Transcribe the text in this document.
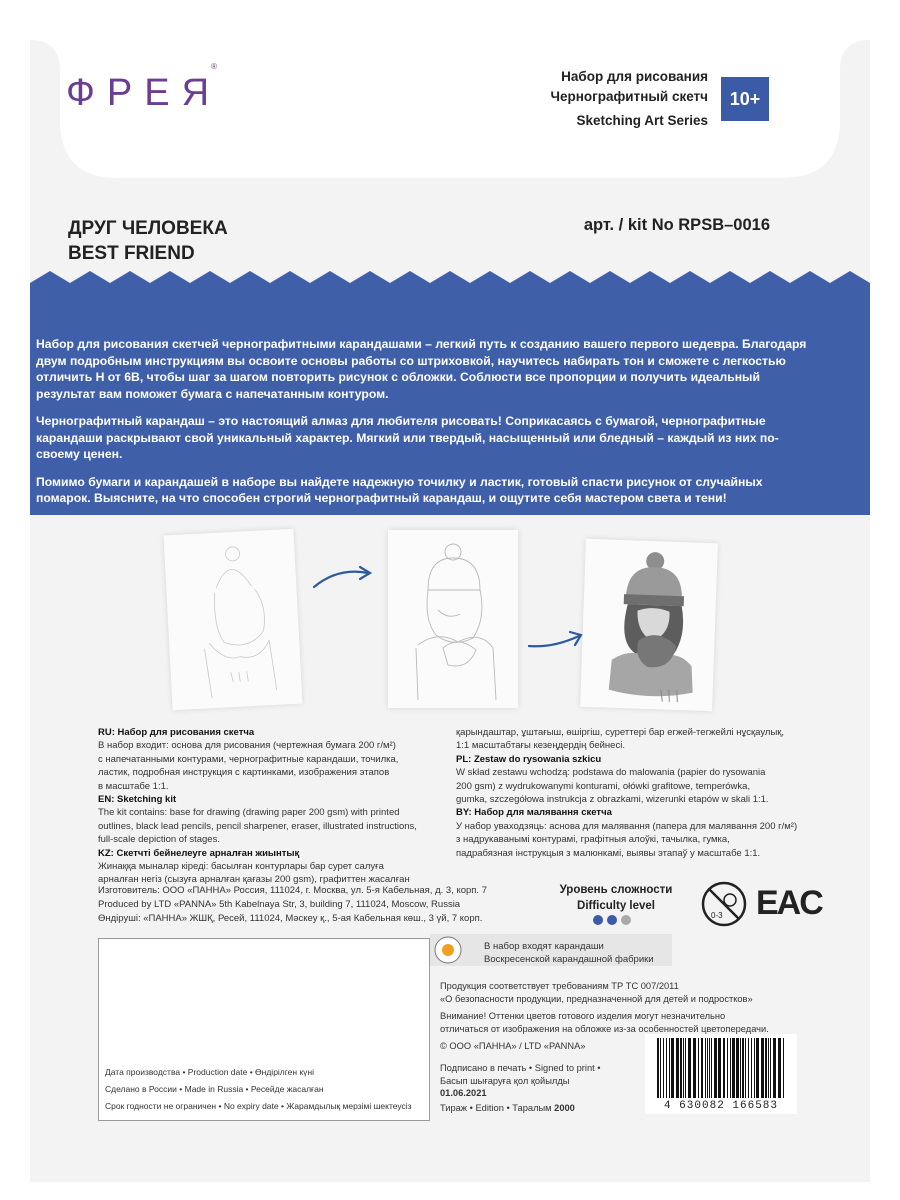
ФРЕЯ®
Набор для рисования
Чернографитный скетч
Sketching Art Series
10+
ДРУГ ЧЕЛОВЕКА
BEST FRIEND
арт. / kit No RPSB–0016

Набор для рисования скетчей чернографитными карандашами – легкий путь к созданию вашего первого шедевра. Благодаря двум подробным инструкциям вы освоите основы работы со штриховкой, научитесь набирать тон и сможете с легкостью отличить H от 6B, чтобы шаг за шагом повторить рисунок с обложки. Соблюсти все пропорции и получить идеальный результат вам поможет бумага с напечатанным контуром.

Чернографитный карандаш – это настоящий алмаз для любителя рисовать! Соприкасаясь с бумагой, чернографитные карандаши раскрывают свой уникальный характер. Мягкий или твердый, насыщенный или бледный – каждый из них по-своему ценен.

Помимо бумаги и карандашей в наборе вы найдете надежную точилку и ластик, готовый спасти рисунок от случайных помарок. Выясните, на что способен строгий чернографитный карандаш, и ощутите себя мастером света и тени!

RU: Набор для рисования скетча
В набор входит: основа для рисования (чертежная бумага 200 г/м²)
с напечатанными контурами, чернографитные карандаши, точилка,
ластик, подробная инструкция с картинками, изображения этапов
в масштабе 1:1.
EN: Sketching kit
The kit contains: base for drawing (drawing paper 200 gsm) with printed
outlines, black lead pencils, pencil sharpener, eraser, illustrated instructions,
full-scale depiction of stages.
KZ: Скетчті бейнелеуге арналған жиынтық
Жинаққа мыналар кіреді: басылған контурлары бар сурет салуға
арналған негіз (сызуға арналған қағазы 200 gsm), графиттен жасалған
қарындаштар, ұштағыш, өшіргіш, суреттері бар егжей-тегжейлі нұсқаулық,
1:1 масштабтағы кезеңдердің бейнесі.
PL: Zestaw do rysowania szkicu
W skład zestawu wchodzą: podstawa do malowania (papier do rysowania
200 gsm) z wydrukowanymi konturami, ołówki grafitowe, temperówka,
gumka, szczegółowa instrukcja z obrazkami, wizerunki etapów w skali 1:1.
BY: Набор для малявання скетча
У набор уваходзяць: аснова для малявання (папера для малявання 200 г/м²)
з надрукаванымі контурамі, графітныя алоўкі, тачылка, гумка,
падрабязная інструкцыя з малюнкамі, выявы этапаў у масштабе 1:1.
Изготовитель: ООО «ПАННА» Россия, 111024, г. Москва, ул. 5-я Кабельная, д. 3, корп. 7
Produced by LTD «PANNA» 5th Kabelnaya Str, 3, building 7, 111024, Moscow, Russia
Өндіруші: «ПАННА» ЖШҚ, Ресей, 111024, Мәскеу қ., 5-ая Кабельная көш., 3 үй, 7 корп.
Уровень сложности
Difficulty level
0-3 EAC
Дата производства • Production date • Өндірілген күні
Сделано в России • Made in Russia • Ресейде жасалған
Срок годности не ограничен • No expiry date • Жарамдылық мерзімі шектеусіз
В набор входят карандаши
Воскресенской карандашной фабрики
Продукция соответствует требованиям ТР ТС 007/2011
«О безопасности продукции, предназначенной для детей и подростков»
Внимание! Оттенки цветов готового изделия могут незначительно
отличаться от изображения на обложке из-за особенностей цветопередачи.
© ООО «ПАННА» / LTD «PANNA»
Подписано в печать • Signed to print •
Басып шығаруға қол қойылды
01.06.2021
Тираж • Edition • Таралым 2000	4 630082 166583
